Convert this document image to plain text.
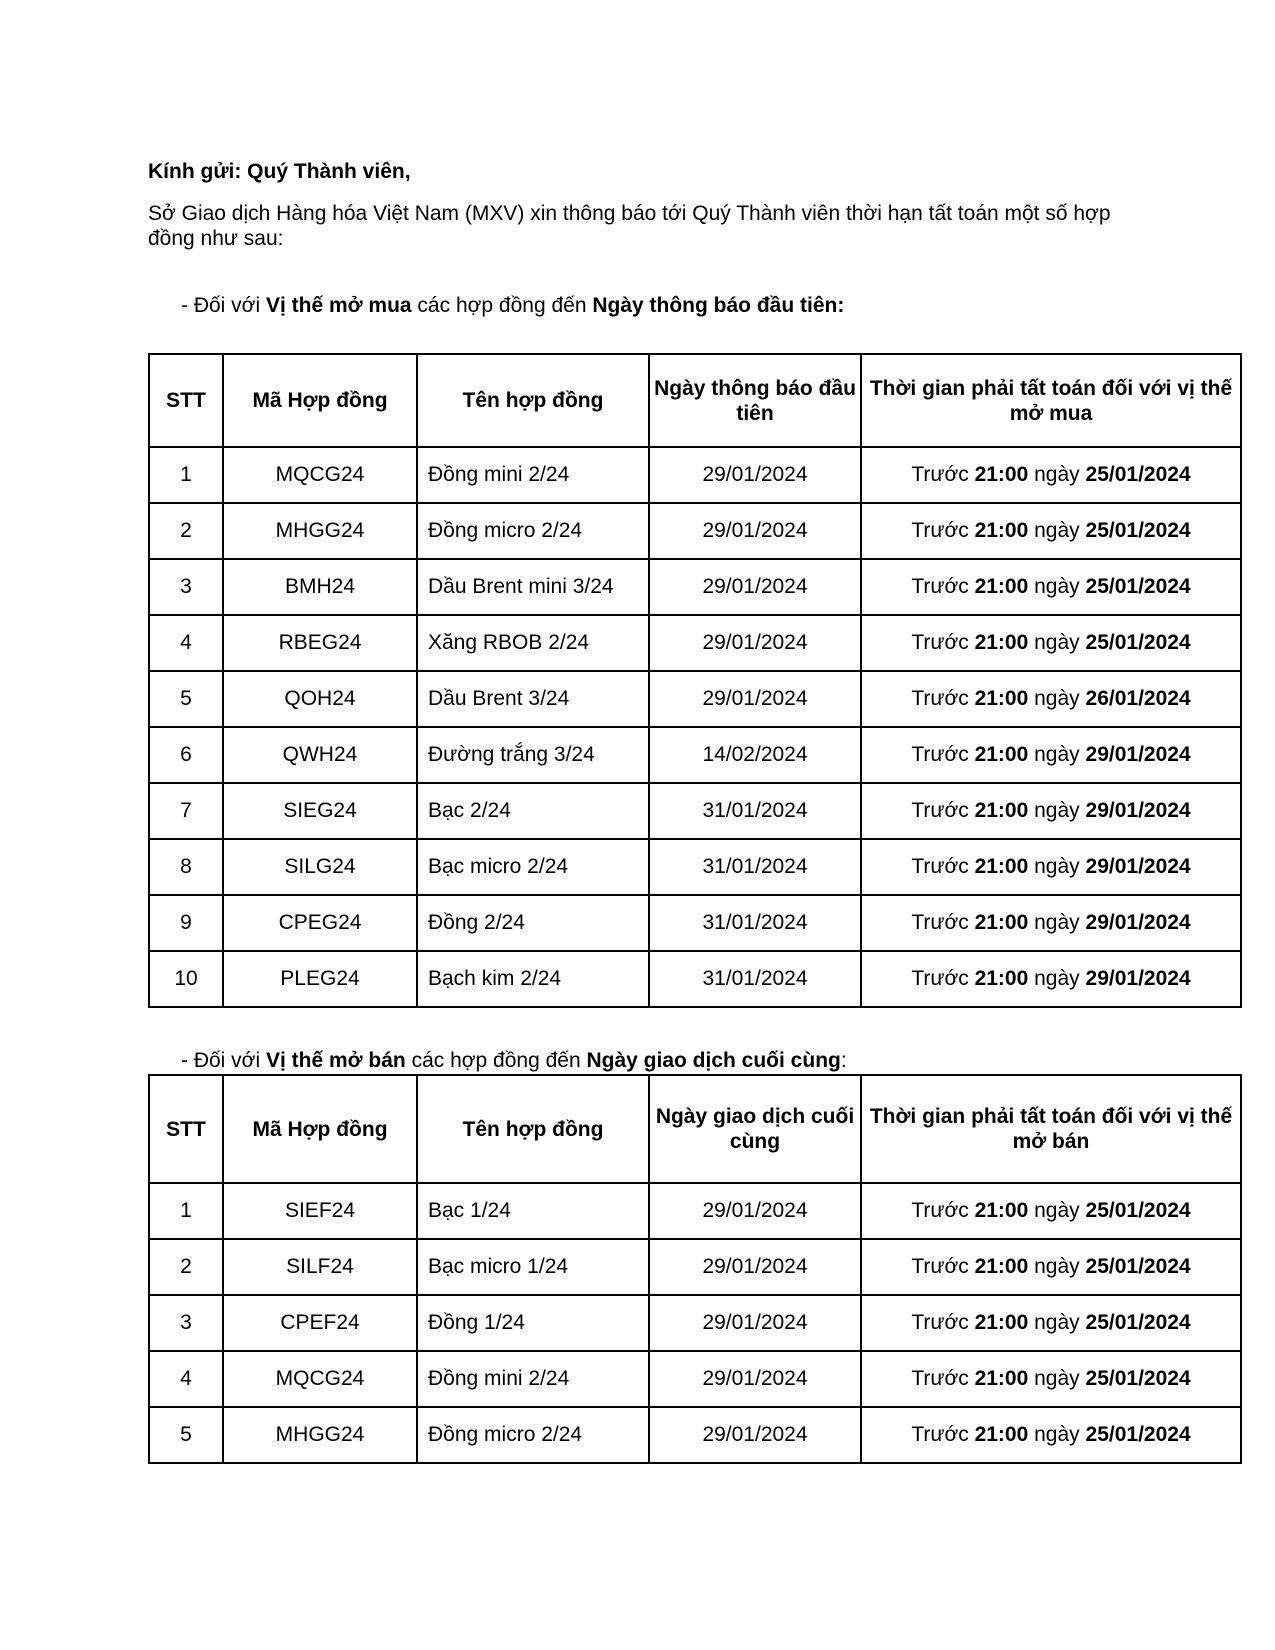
Kính gửi: Quý Thành viên,
Sở Giao dịch Hàng hóa Việt Nam (MXV) xin thông báo tới Quý Thành viên thời hạn tất toán một số hợp đồng như sau:
- Đối với Vị thế mở mua các hợp đồng đến Ngày thông báo đầu tiên:
STT	Mã Hợp đồng	Tên hợp đồng	Ngày thông báo đầu tiên	Thời gian phải tất toán đối với vị thế mở mua
1	MQCG24	Đồng mini 2/24	29/01/2024	Trước 21:00 ngày 25/01/2024
2	MHGG24	Đồng micro 2/24	29/01/2024	Trước 21:00 ngày 25/01/2024
3	BMH24	Dầu Brent mini 3/24	29/01/2024	Trước 21:00 ngày 25/01/2024
4	RBEG24	Xăng RBOB 2/24	29/01/2024	Trước 21:00 ngày 25/01/2024
5	QOH24	Dầu Brent 3/24	29/01/2024	Trước 21:00 ngày 26/01/2024
6	QWH24	Đường trắng 3/24	14/02/2024	Trước 21:00 ngày 29/01/2024
7	SIEG24	Bạc 2/24	31/01/2024	Trước 21:00 ngày 29/01/2024
8	SILG24	Bạc micro 2/24	31/01/2024	Trước 21:00 ngày 29/01/2024
9	CPEG24	Đồng 2/24	31/01/2024	Trước 21:00 ngày 29/01/2024
10	PLEG24	Bạch kim 2/24	31/01/2024	Trước 21:00 ngày 29/01/2024
- Đối với Vị thế mở bán các hợp đồng đến Ngày giao dịch cuối cùng:
STT	Mã Hợp đồng	Tên hợp đồng	Ngày giao dịch cuối cùng	Thời gian phải tất toán đối với vị thế mở bán
1	SIEF24	Bạc 1/24	29/01/2024	Trước 21:00 ngày 25/01/2024
2	SILF24	Bạc micro 1/24	29/01/2024	Trước 21:00 ngày 25/01/2024
3	CPEF24	Đồng 1/24	29/01/2024	Trước 21:00 ngày 25/01/2024
4	MQCG24	Đồng mini 2/24	29/01/2024	Trước 21:00 ngày 25/01/2024
5	MHGG24	Đồng micro 2/24	29/01/2024	Trước 21:00 ngày 25/01/2024
